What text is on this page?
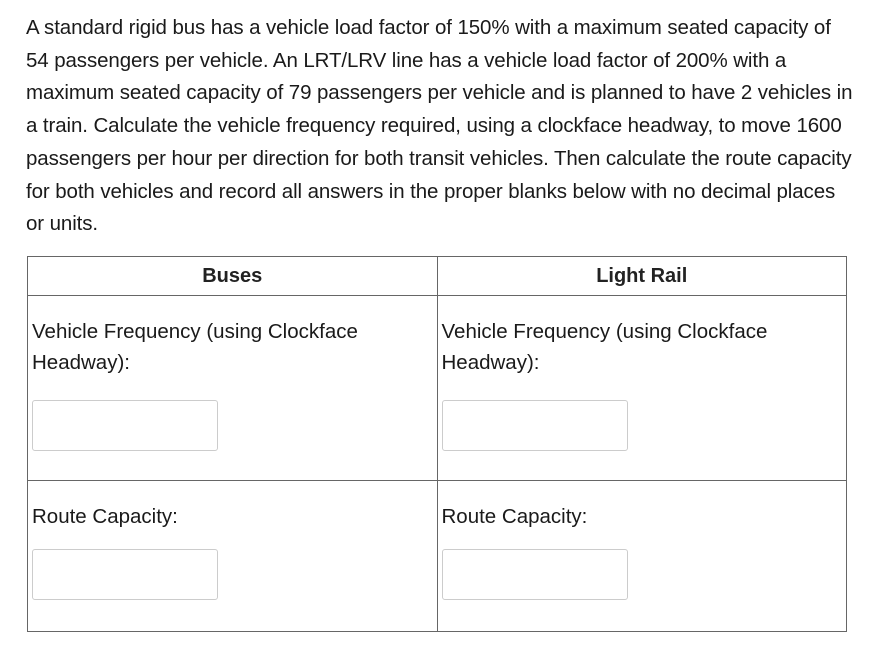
A standard rigid bus has a vehicle load factor of 150% with a maximum seated capacity of 54 passengers per vehicle. An LRT/LRV line has a vehicle load factor of 200% with a maximum seated capacity of 79 passengers per vehicle and is planned to have 2 vehicles in a train. Calculate the vehicle frequency required, using a clockface headway, to move 1600 passengers per hour per direction for both transit vehicles. Then calculate the route capacity for both vehicles and record all answers in the proper blanks below with no decimal places or units.

Buses	Light Rail

Vehicle Frequency (using Clockface Headway):	Vehicle Frequency (using Clockface Headway):

Route Capacity:	Route Capacity:
